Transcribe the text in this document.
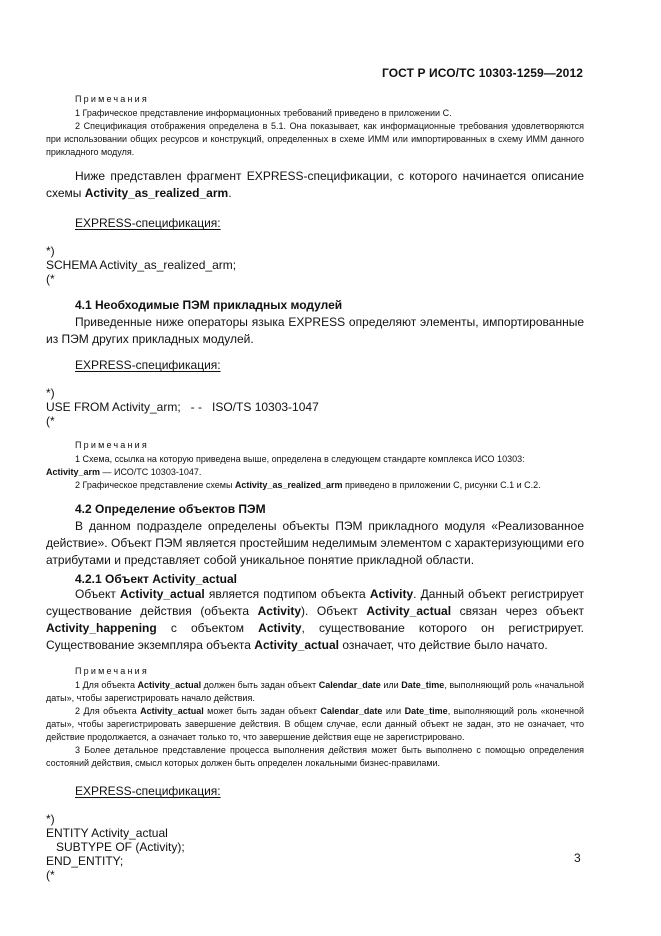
ГОСТ Р ИСО/ТС 10303-1259—2012
Примечания

1 Графическое представление информационных требований приведено в приложении С.

2 Спецификация отображения определена в 5.1. Она показывает, как информационные требования удовлетворяются при использовании общих ресурсов и конструкций, определенных в схеме ИММ или импортированных в схему ИММ данного прикладного модуля.

Ниже представлен фрагмент EXPRESS-спецификации, с которого начинается описание схемы Activity_as_realized_arm.

EXPRESS-спецификация:
*)
SCHEMA Activity_as_realized_arm;
(*
4.1 Необходимые ПЭМ прикладных модулей

Приведенные ниже операторы языка EXPRESS определяют элементы, импортированные из ПЭМ других прикладных модулей.

EXPRESS-спецификация:
*)
USE FROM Activity_arm;   - -   ISO/TS 10303-1047
(*
Примечания

1 Схема, ссылка на которую приведена выше, определена в следующем стандарте комплекса ИСО 10303:
Activity_arm — ИСО/ТС 10303-1047.

2 Графическое представление схемы Activity_as_realized_arm приведено в приложении С, рисунки С.1 и С.2.

4.2 Определение объектов ПЭМ

В данном подразделе определены объекты ПЭМ прикладного модуля «Реализованное действие». Объект ПЭМ является простейшим неделимым элементом с характеризующими его атрибутами и представляет собой уникальное понятие прикладной области.

4.2.1 Объект Activity_actual

Объект Activity_actual является подтипом объекта Activity. Данный объект регистрирует существование действия (объекта Activity). Объект Activity_actual связан через объект Activity_happening с объектом Activity, существование которого он регистрирует. Существование экземпляра объекта Activity_actual означает, что действие было начато.

Примечания

1 Для объекта Activity_actual должен быть задан объект Calendar_date или Date_time, выполняющий роль «начальной даты», чтобы зарегистрировать начало действия.

2 Для объекта Activity_actual может быть задан объект Calendar_date или Date_time, выполняющий роль «конечной даты», чтобы зарегистрировать завершение действия. В общем случае, если данный объект не задан, это не означает, что действие продолжается, а означает только то, что завершение действия еще не зарегистрировано.

3 Более детальное представление процесса выполнения действия может быть выполнено с помощью определения состояний действия, смысл которых должен быть определен локальными бизнес-правилами.

EXPRESS-спецификация:
*)
ENTITY Activity_actual
SUBTYPE OF (Activity);
END_ENTITY;
(*
3
